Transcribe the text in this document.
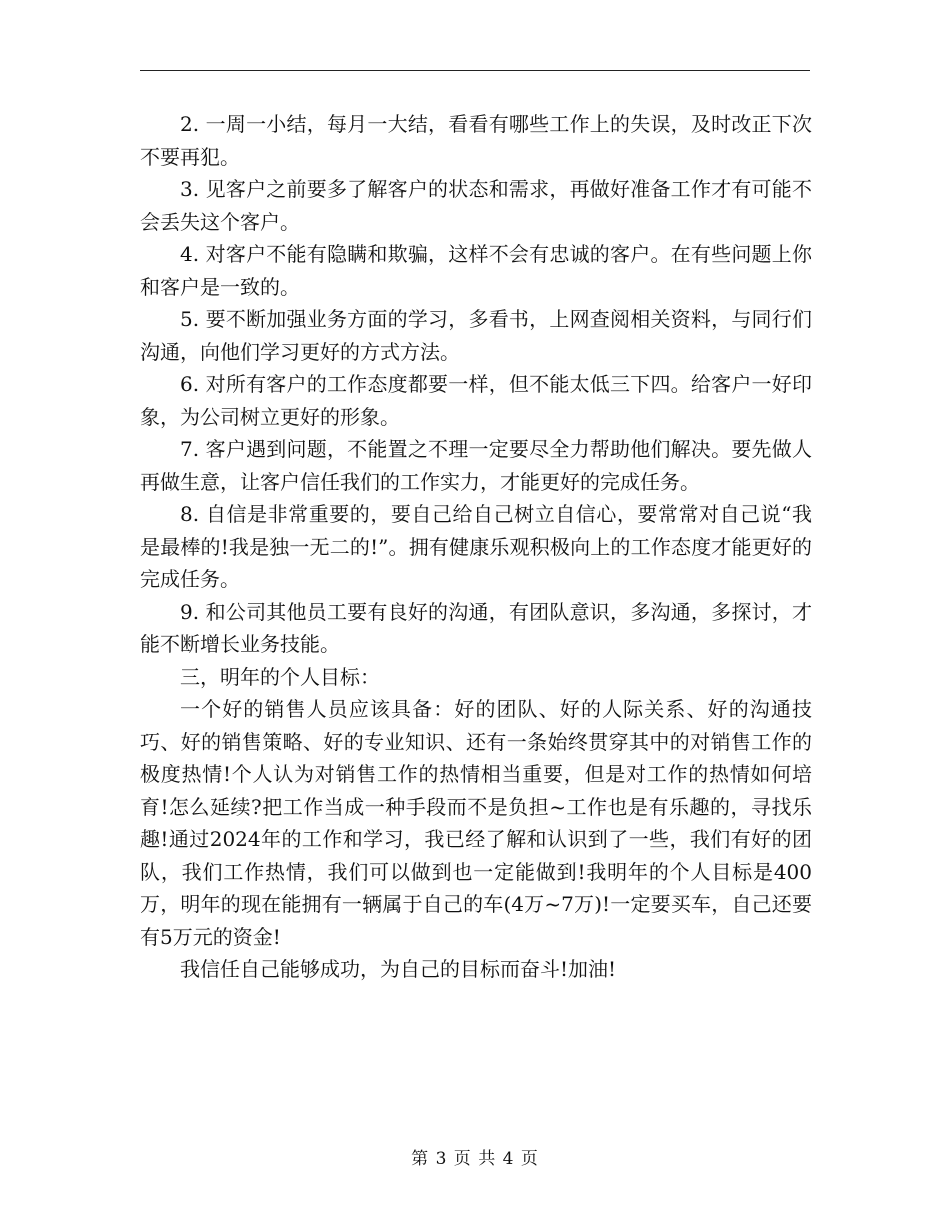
2. 一周一小结，每月一大结，看看有哪些工作上的失误，及时改正下次不要再犯。

3. 见客户之前要多了解客户的状态和需求，再做好准备工作才有可能不会丢失这个客户。

4. 对客户不能有隐瞒和欺骗，这样不会有忠诚的客户。在有些问题上你和客户是一致的。

5. 要不断加强业务方面的学习，多看书，上网查阅相关资料，与同行们沟通，向他们学习更好的方式方法。

6. 对所有客户的工作态度都要一样，但不能太低三下四。给客户一好印象，为公司树立更好的形象。

7. 客户遇到问题，不能置之不理一定要尽全力帮助他们解决。要先做人再做生意，让客户信任我们的工作实力，才能更好的完成任务。

8. 自信是非常重要的，要自己给自己树立自信心，要常常对自己说“我是最棒的!我是独一无二的!”。拥有健康乐观积极向上的工作态度才能更好的完成任务。

9. 和公司其他员工要有良好的沟通，有团队意识，多沟通，多探讨，才能不断增长业务技能。

三，明年的个人目标：

一个好的销售人员应该具备：好的团队、好的人际关系、好的沟通技巧、好的销售策略、好的专业知识、还有一条始终贯穿其中的对销售工作的极度热情!个人认为对销售工作的热情相当重要，但是对工作的热情如何培育!怎么延续?把工作当成一种手段而不是负担~工作也是有乐趣的，寻找乐趣!通过2024年的工作和学习，我已经了解和认识到了一些，我们有好的团队，我们工作热情，我们可以做到也一定能做到!我明年的个人目标是400万，明年的现在能拥有一辆属于自己的车(4万~7万)!一定要买车，自己还要有5万元的资金!

我信任自己能够成功，为自己的目标而奋斗!加油!

第 3 页 共 4 页
